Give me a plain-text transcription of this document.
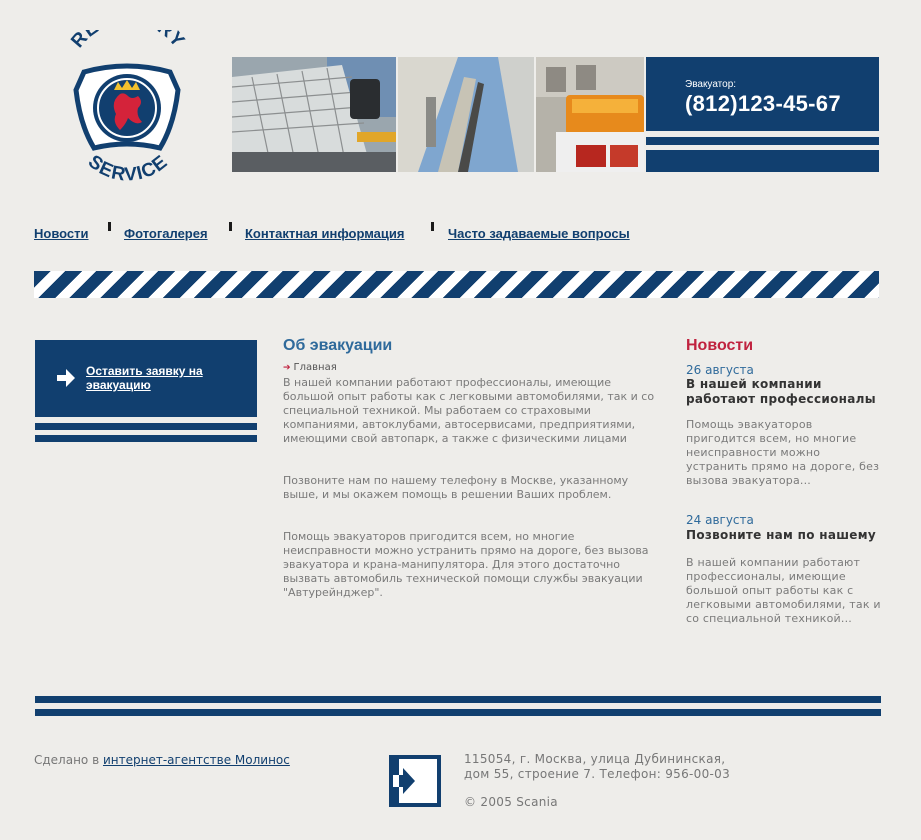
R Y
SERVICE
Эвакуатор:
(812)123-45-67
Новости	Фотогалерея	Контактная информация	Часто задаваемые вопросы
Оставить заявку на эвакуацию
Об эвакуации
➔ Главная

В нашей компании работают профессионалы, имеющие большой опыт работы как с легковыми автомобилями, так и со специальной техникой. Мы работаем со страховыми компаниями, автоклубами, автосервисами, предприятиями, имеющими свой автопарк, а также с физическими лицами

Позвоните нам по нашему телефону в Москве, указанному выше, и мы окажем помощь в решении Ваших проблем.

Помощь эвакуаторов пригодится всем, но многие неисправности можно устранить прямо на дороге, без вызова эвакуатора и крана-манипулятора. Для этого достаточно вызвать автомобиль технической помощи службы эвакуации "Автурейнджер".

Новости
26 августа
В нашей компании работают профессионалы
Помощь эвакуаторов пригодится всем, но многие неисправности можно устранить прямо на дороге, без вызова эвакуатора...
24 августа
Позвоните нам по нашему
В нашей компании работают профессионалы, имеющие большой опыт работы как с легковыми автомобилями, так и со специальной техникой...
Сделано в интернет-агентстве Молинос	115054, г. Москва, улица Дубининская,
дом 55, строение 7. Телефон: 956-00-03
© 2005 Scania
